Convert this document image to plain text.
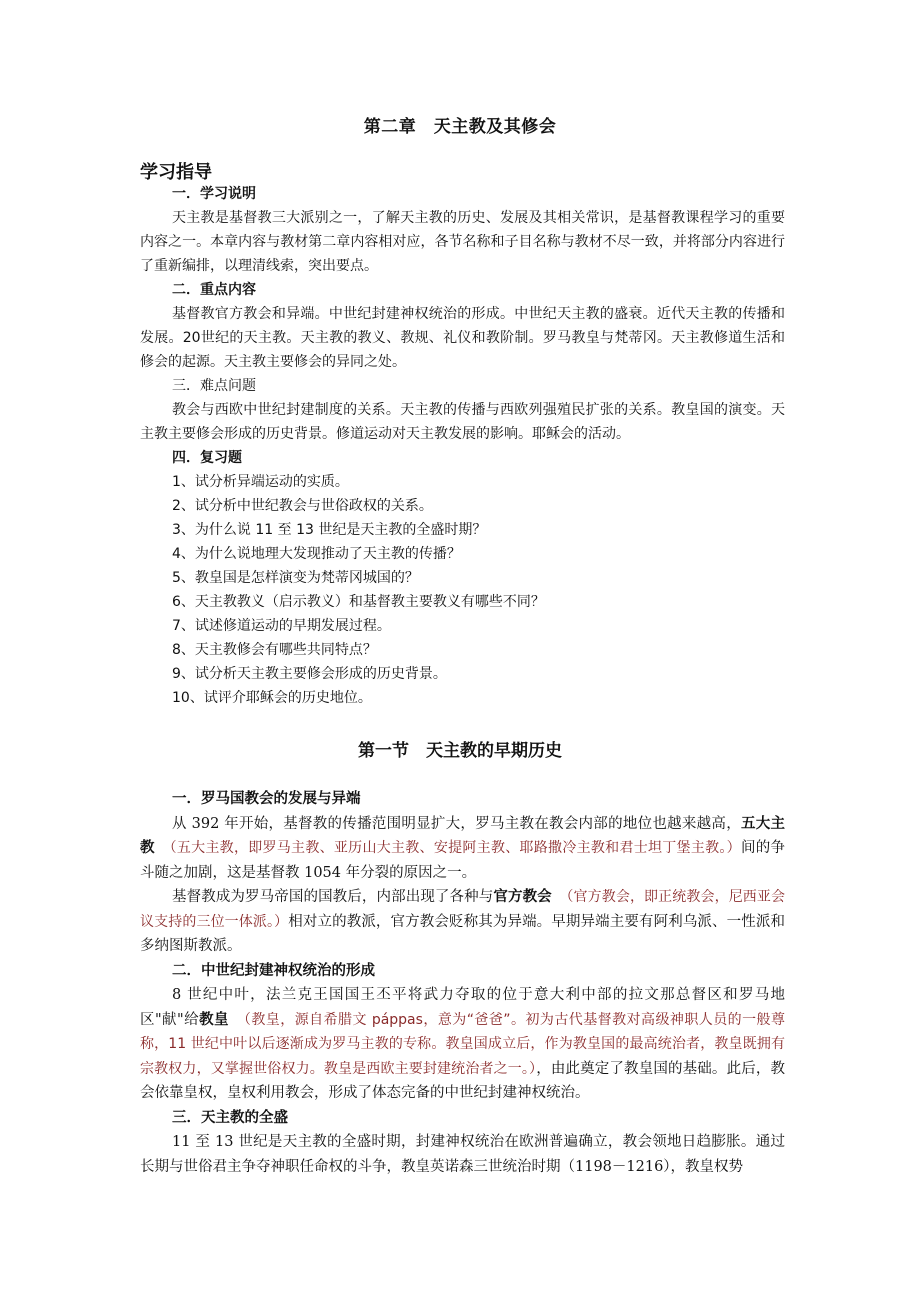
第二章　天主教及其修会
学习指导

一．学习说明

天主教是基督教三大派别之一，了解天主教的历史、发展及其相关常识，是基督教课程学习的重要内容之一。本章内容与教材第二章内容相对应，各节名称和子目名称与教材不尽一致，并将部分内容进行了重新编排，以理清线索，突出要点。

二．重点内容

基督教官方教会和异端。中世纪封建神权统治的形成。中世纪天主教的盛衰。近代天主教的传播和发展。20世纪的天主教。天主教的教义、教规、礼仪和教阶制。罗马教皇与梵蒂冈。天主教修道生活和修会的起源。天主教主要修会的异同之处。

三．难点问题

教会与西欧中世纪封建制度的关系。天主教的传播与西欧列强殖民扩张的关系。教皇国的演变。天主教主要修会形成的历史背景。修道运动对天主教发展的影响。耶稣会的活动。

四．复习题

1、试分析异端运动的实质。

2、试分析中世纪教会与世俗政权的关系。

3、为什么说 11 至 13 世纪是天主教的全盛时期？

4、为什么说地理大发现推动了天主教的传播？

5、教皇国是怎样演变为梵蒂冈城国的？

6、天主教教义（启示教义）和基督教主要教义有哪些不同？

7、试述修道运动的早期发展过程。

8、天主教修会有哪些共同特点？

9、试分析天主教主要修会形成的历史背景。

10、试评介耶稣会的历史地位。

第一节　天主教的早期历史

一．罗马国教会的发展与异端

从 392 年开始，基督教的传播范围明显扩大，罗马主教在教会内部的地位也越来越高，五大主教　 （五大主教，即罗马主教、亚历山大主教、安提阿主教、耶路撒冷主教和君士坦丁堡主教。）间的争斗随之加剧，这是基督教 1054 年分裂的原因之一。

基督教成为罗马帝国的国教后，内部出现了各种与官方教会　 （官方教会，即正统教会，尼西亚会议支持的三位一体派。）相对立的教派，官方教会贬称其为异端。早期异端主要有阿利乌派、一性派和多纳图斯教派。

二．中世纪封建神权统治的形成

8 世纪中叶，法兰克王国国王丕平将武力夺取的位于意大利中部的拉文那总督区和罗马地区"献"给教皇　 （教皇，源自希腊文 páppas，意为“爸爸”。初为古代基督教对高级神职人员的一般尊称，11 世纪中叶以后逐渐成为罗马主教的专称。教皇国成立后，作为教皇国的最高统治者，教皇既拥有宗教权力，又掌握世俗权力。教皇是西欧主要封建统治者之一。），由此奠定了教皇国的基础。此后，教会依靠皇权，皇权利用教会，形成了体态完备的中世纪封建神权统治。

三．天主教的全盛

11 至 13 世纪是天主教的全盛时期，封建神权统治在欧洲普遍确立，教会领地日趋膨胀。通过长期与世俗君主争夺神职任命权的斗争，教皇英诺森三世统治时期（1198－1216），教皇权势
